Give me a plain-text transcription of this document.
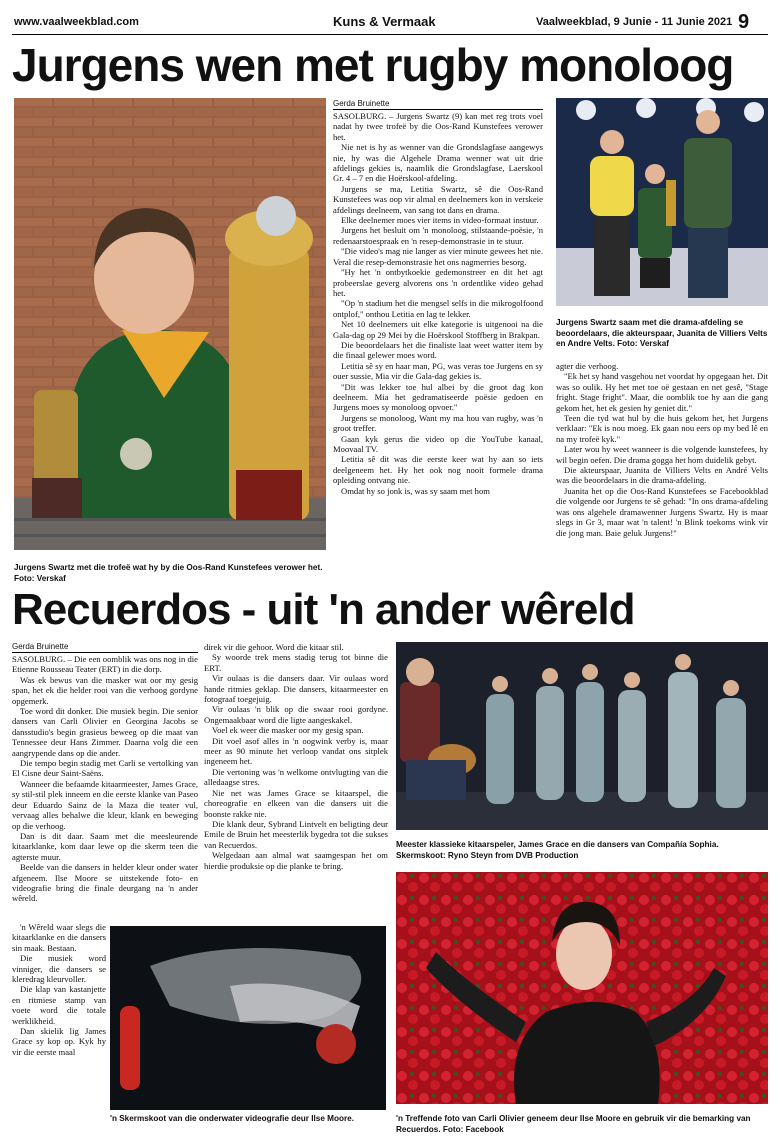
www.vaalweekblad.com	Kuns & Vermaak	Vaalweekblad, 9 Junie - 11 Junie 2021 9
Jurgens wen met rugby monoloog
Jurgens Swartz met die trofeë wat hy by die Oos-Rand Kunstefees verower het. Foto: Verskaf
Gerda Bruinette

SASOLBURG. – Jurgens Swartz (9) kan met reg trots voel nadat hy twee trofeë by die Oos-Rand Kunstefees verower het.

Nie net is hy as wenner van die Grondslagfase aangewys nie, hy was die Algehele Drama wenner wat uit drie afdelings gekies is, naamlik die Grondslagfase, Laerskool Gr. 4 – 7 en die Hoërskool-afdeling.

Jurgens se ma, Letitia Swartz, sê die Oos-Rand Kunstefees was oop vir almal en deelnemers kon in verskeie afdelings deelneem, van sang tot dans en drama.

Elke deelnemer moes vier items in video-formaat instuur.

Jurgens het besluit om 'n monoloog, stilstaande-poësie, 'n redenaarstoespraak en 'n resep-demonstrasie in te stuur.

"Die video's mag nie langer as vier minute gewees het nie. Veral die resep-demonstrasie het ons nagmerries besorg.

"Hy het 'n ontbytkoekie gedemonstreer en dit het agt probeerslae geverg alvorens ons 'n ordentlike video gehad het.

"Op 'n stadium het die mengsel selfs in die mikrogolfoond ontplof," onthou Letitia en lag te lekker.

Net 10 deelnemers uit elke kategorie is uitgenooi na die Gala-dag op 29 Mei by die Hoërskool Stoffberg in Brakpan.

Die beoordelaars het die finaliste laat weet watter item by die finaal gelewer moes word.

Letitia sê sy en haar man, PG, was veras toe Jurgens en sy ouer sussie, Mia vir die Gala-dag gekies is.

"Dit was lekker toe hul albei by die groot dag kon deelneem. Mia het gedramatiseerde poësie gedoen en Jurgens moes sy monoloog opvoer."

Jurgens se monoloog, Want my ma hou van rugby, was 'n groot treffer.

Gaan kyk gerus die video op die YouTube kanaal, Moovaal TV.

Letitia sê dit was die eerste keer wat hy aan so iets deelgeneem het. Hy het ook nog nooit formele drama opleiding ontvang nie.

Omdat hy so jonk is, was sy saam met hom

Jurgens Swartz saam met die drama-afdeling se beoordelaars, die akteurspaar, Juanita de Villiers Velts en Andre Velts. Foto: Verskaf

agter die verhoog.

"Ek het sy hand vasgehou net voordat hy opgegaan het. Dit was so oulik. Hy het met toe oë gestaan en net gesê, "Stage fright. Stage fright". Maar, die oomblik toe hy aan die gang gekom het, het ek gesien hy geniet dit."

Teen die tyd wat hul by die huis gekom het, het Jurgens verklaar: "Ek is nou moeg. Ek gaan nou eers op my bed lê en na my trofeë kyk."

Later wou hy weet wanneer is die volgende kunstefees, hy wil begin oefen. Die drama gogga het hom duidelik gebyt.

Die akteurspaar, Juanita de Villiers Velts en André Velts was die beoordelaars in die drama-afdeling.

Juanita het op die Oos-Rand Kunstefees se Facebookblad die volgende oor Jurgens te sê gehad: "In ons drama-afdeling was ons algehele dramawenner Jurgens Swartz. Hy is maar slegs in Gr 3, maar wat 'n talent! 'n Blink toekoms wink vir die jong man. Baie geluk Jurgens!"

Recuerdos - uit 'n ander wêreld
Gerda Bruinette

SASOLBURG. – Die een oomblik was ons nog in die Etienne Rousseau Teater (ERT) in die dorp.

Was ek bewus van die masker wat oor my gesig span, het ek die helder rooi van die verhoog gordyne opgemerk.

Toe word dit donker. Die musiek begin. Die senior dansers van Carli Olivier en Georgina Jacobs se dansstudio's begin grasieus beweeg op die maat van Tennessee deur Hans Zimmer. Daarna volg die een aangrypende dans op die ander.

Die tempo begin stadig met Carli se vertolking van El Cisne deur Saint-Saëns.

Wanneer die befaamde kitaarmeester, James Grace, sy stil-stil plek inneem en die eerste klanke van Paseo deur Eduardo Sainz de la Maza die teater vul, vervaag alles behalwe die kleur, klank en beweging op die verhoog.

Dan is dit daar. Saam met die meesleurende kitaarklanke, kom daar lewe op die skerm teen die agterste muur.

Beelde van die dansers in helder kleur onder water afgeneem. Ilse Moore se uitstekende foto- en videografie bring die finale deurgang na 'n ander wêreld.

'n Wêreld waar slegs die kitaarklanke en die dansers sin maak. Bestaan.

Die musiek word vinniger, die dansers se kleredrag kleurvoller.

Die klap van kastanjette en ritmiese stamp van voete word die totale werklikheid.

Dan skielik lig James Grace sy kop op. Kyk hy vir die eerste maal

direk vir die gehoor. Word die kitaar stil.

Sy woorde trek mens stadig terug tot binne die ERT.

Vir oulaas is die dansers daar. Vir oulaas word hande ritmies geklap. Die dansers, kitaarmeester en fotograaf toegejuig.

Vir oulaas 'n blik op die swaar rooi gordyne. Ongemaakbaar word die ligte aangeskakel.

Voel ek weer die masker oor my gesig span.

Dit voel asof alles in 'n oogwink verby is, maar meer as 90 minute het verloop vandat ons sitplek ingeneem het.

Die vertoning was 'n welkome ontvlugting van die alledaagse stres.

Nie net was James Grace se kitaarspel, die choreografie en elkeen van die dansers uit die boonste rakke nie.

Die klank deur, Sybrand Lintvelt en beligting deur Emile de Bruin het meesterlik bygedra tot die sukses van Recuerdos.

Welgedaan aan almal wat saamgespan het om hierdie produksie op die planke te bring.

Meester klassieke kitaarspeler, James Grace en die dansers van Compañía Sophia. Skermskoot: Ryno Steyn from DVB Production
'n Skermskoot van die onderwater videografie deur Ilse Moore.	'n Treffende foto van Carli Olivier geneem deur Ilse Moore en gebruik vir die bemarking van Recuerdos. Foto: Facebook
